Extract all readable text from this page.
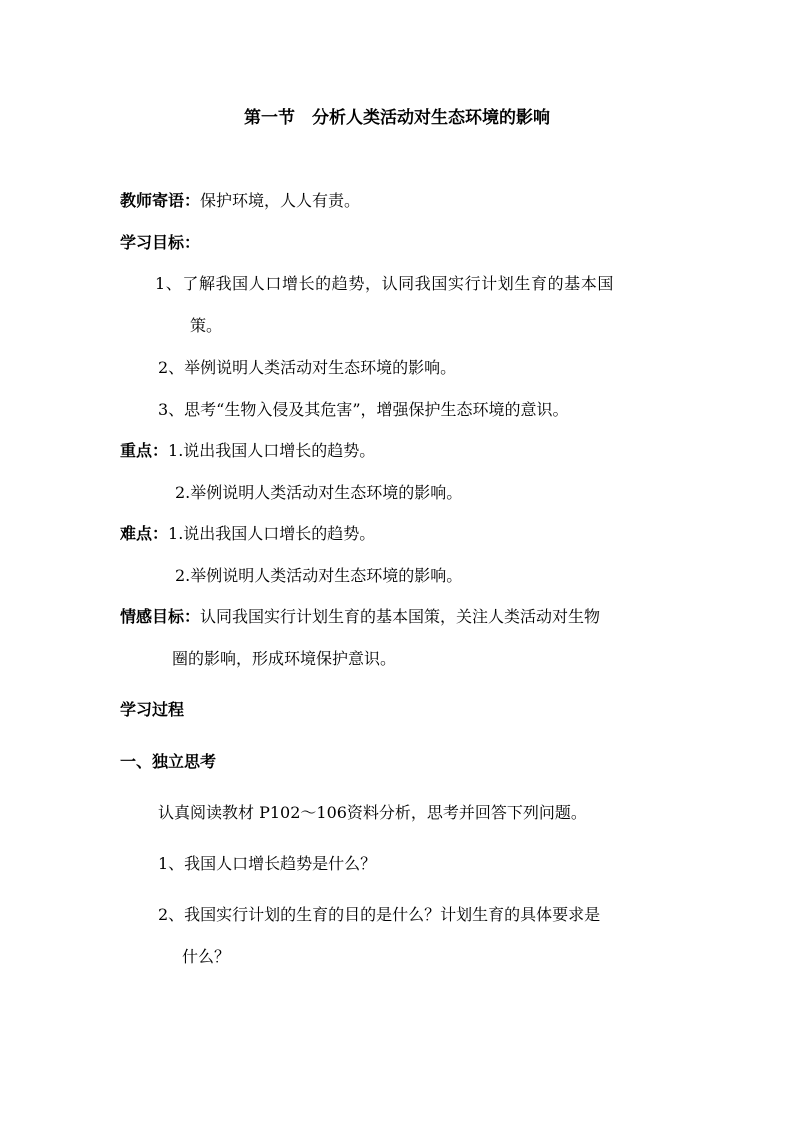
第一节　分析人类活动对生态环境的影响
教师寄语：保护环境，人人有责。
学习目标：
1、了解我国人口增长的趋势，认同我国实行计划生育的基本国
策。
2、举例说明人类活动对生态环境的影响。
3、思考“生物入侵及其危害”，增强保护生态环境的意识。
重点：1.说出我国人口增长的趋势。
2.举例说明人类活动对生态环境的影响。
难点：1.说出我国人口增长的趋势。
2.举例说明人类活动对生态环境的影响。
情感目标：认同我国实行计划生育的基本国策，关注人类活动对生物
圈的影响，形成环境保护意识。
学习过程
一、独立思考
认真阅读教材 P102～106资料分析，思考并回答下列问题。
1、我国人口增长趋势是什么？
2、我国实行计划的生育的目的是什么？计划生育的具体要求是
什么？
